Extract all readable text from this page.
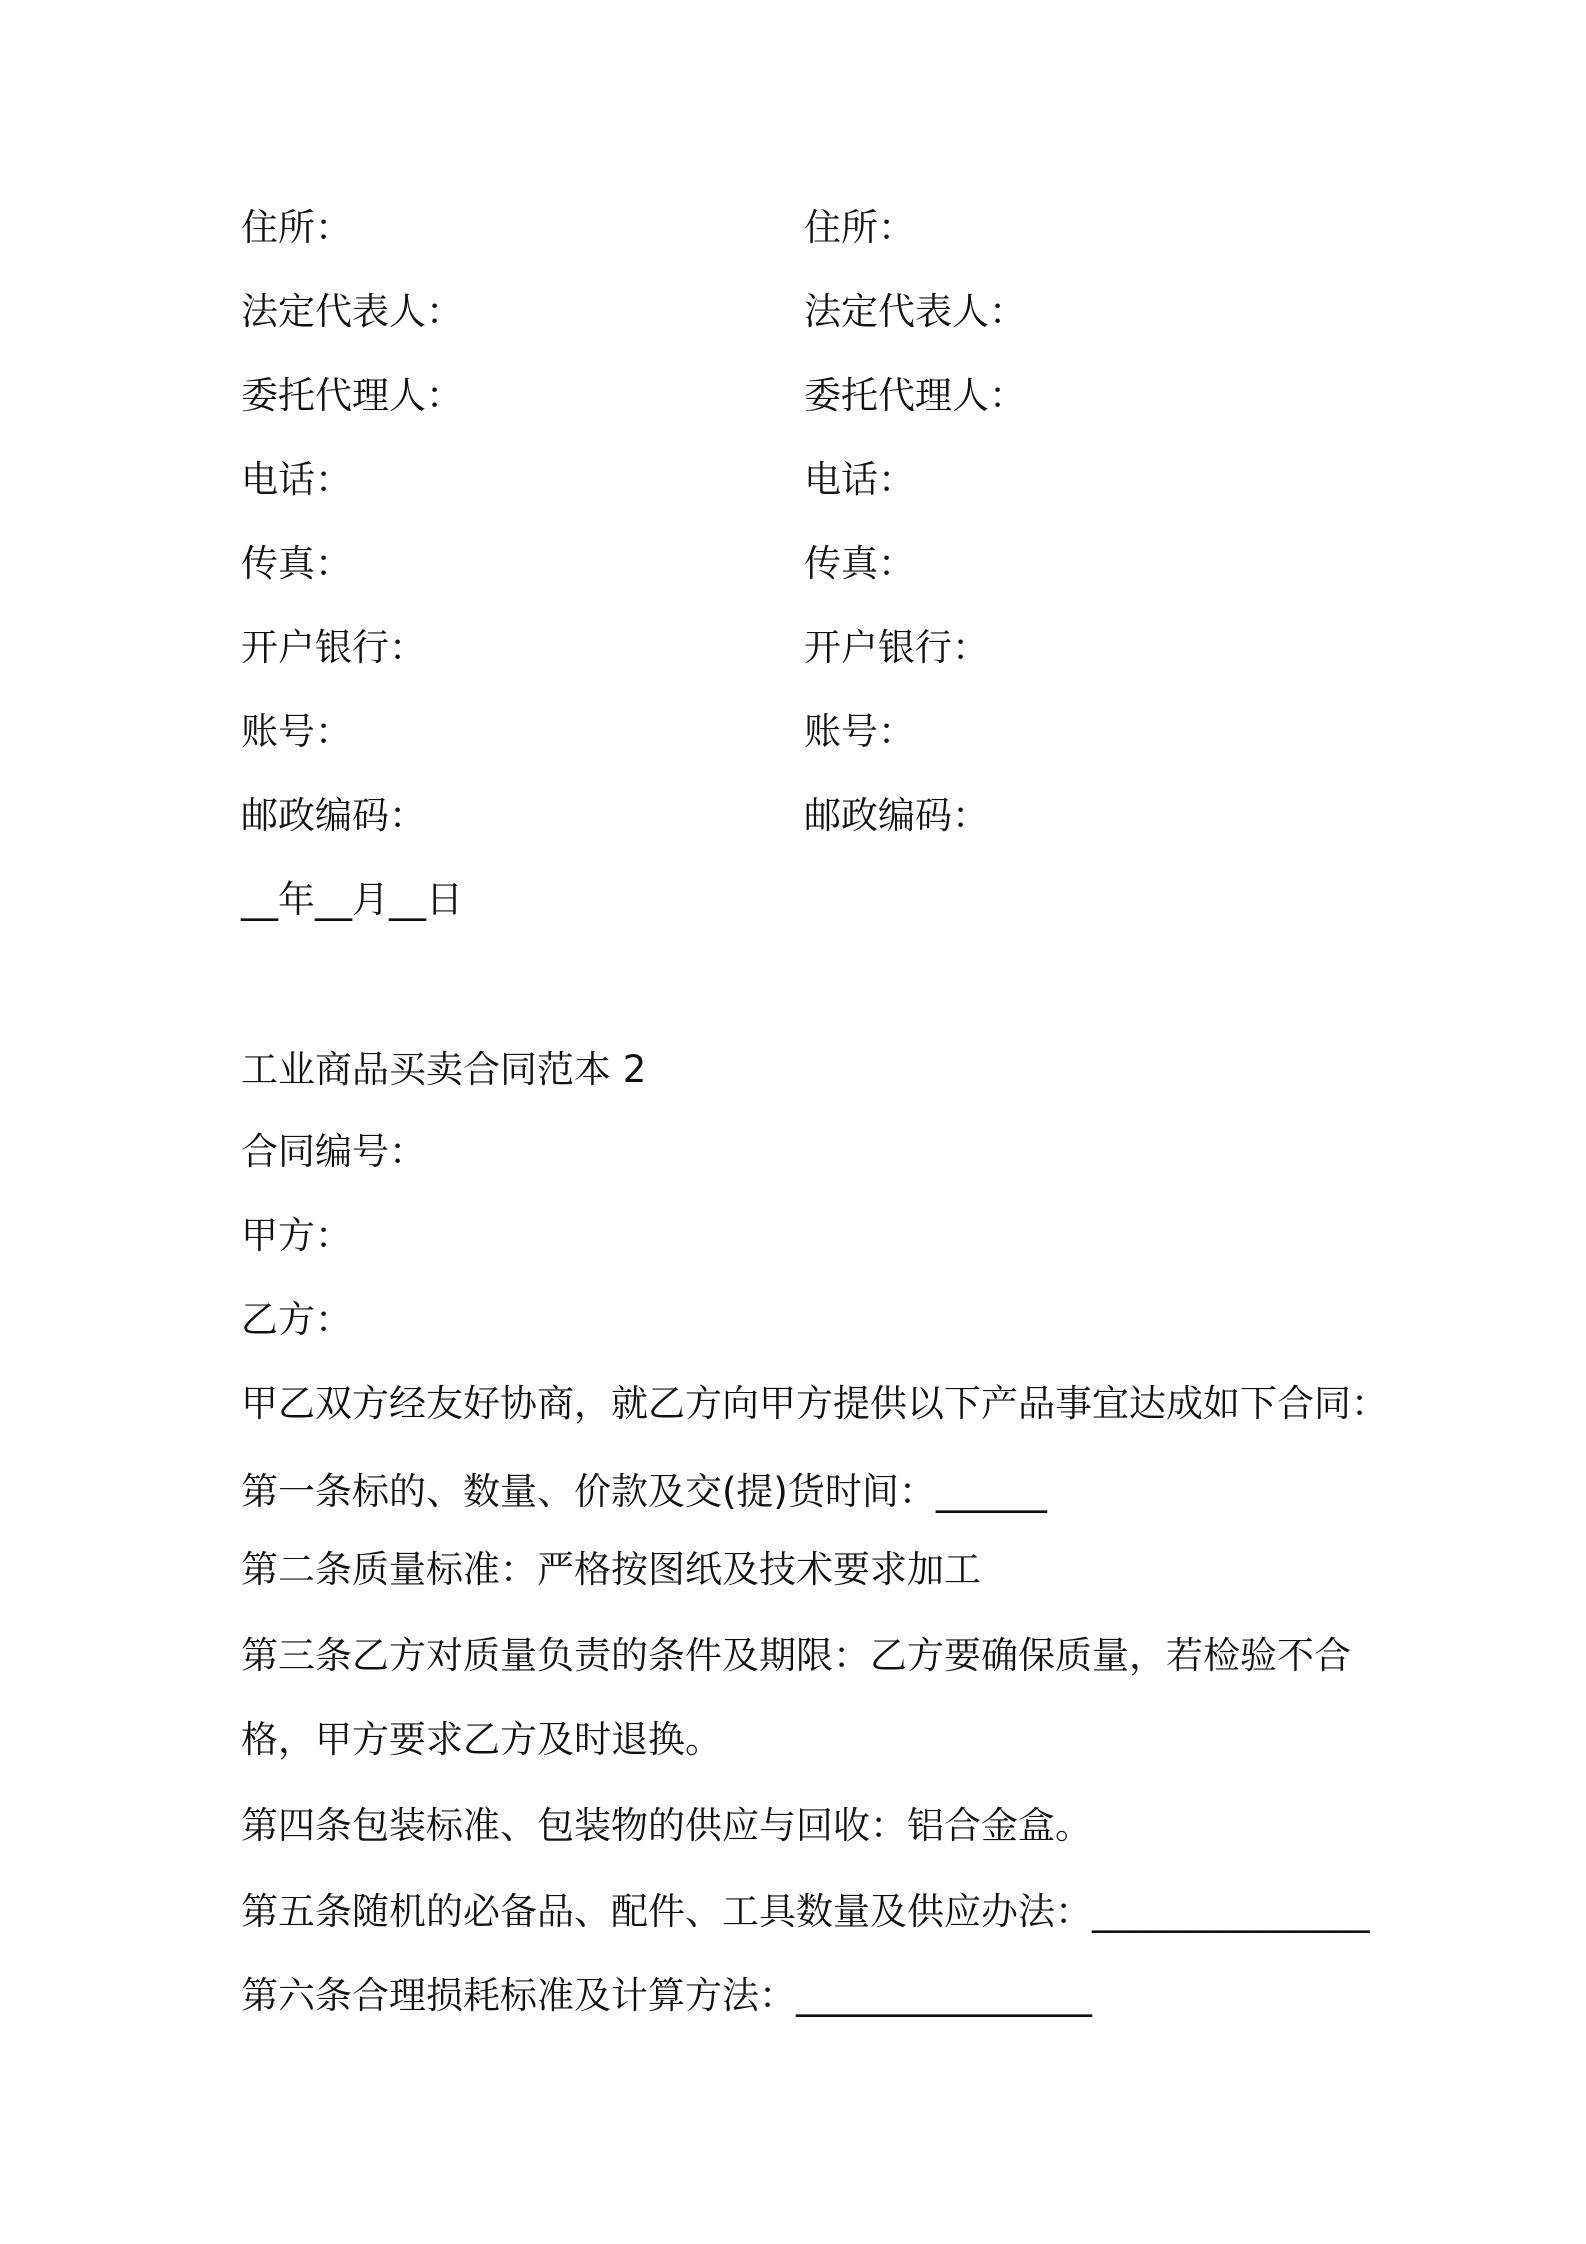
住所：
法定代表人：
委托代理人：
电话：
传真：
开户银行：
账号：
邮政编码：
住所：
法定代表人：
委托代理人：
电话：
传真：
开户银行：
账号：
邮政编码：
__年__月__日
工业商品买卖合同范本 2
合同编号：
甲方：
乙方：
甲乙双方经友好协商，就乙方向甲方提供以下产品事宜达成如下合同：
第一条标的、数量、价款及交(提)货时间：______
第二条质量标准：严格按图纸及技术要求加工
第三条乙方对质量负责的条件及期限：乙方要确保质量，若检验不合
格，甲方要求乙方及时退换。
第四条包装标准、包装物的供应与回收：铝合金盒。
第五条随机的必备品、配件、工具数量及供应办法：_______________
第六条合理损耗标准及计算方法：________________
